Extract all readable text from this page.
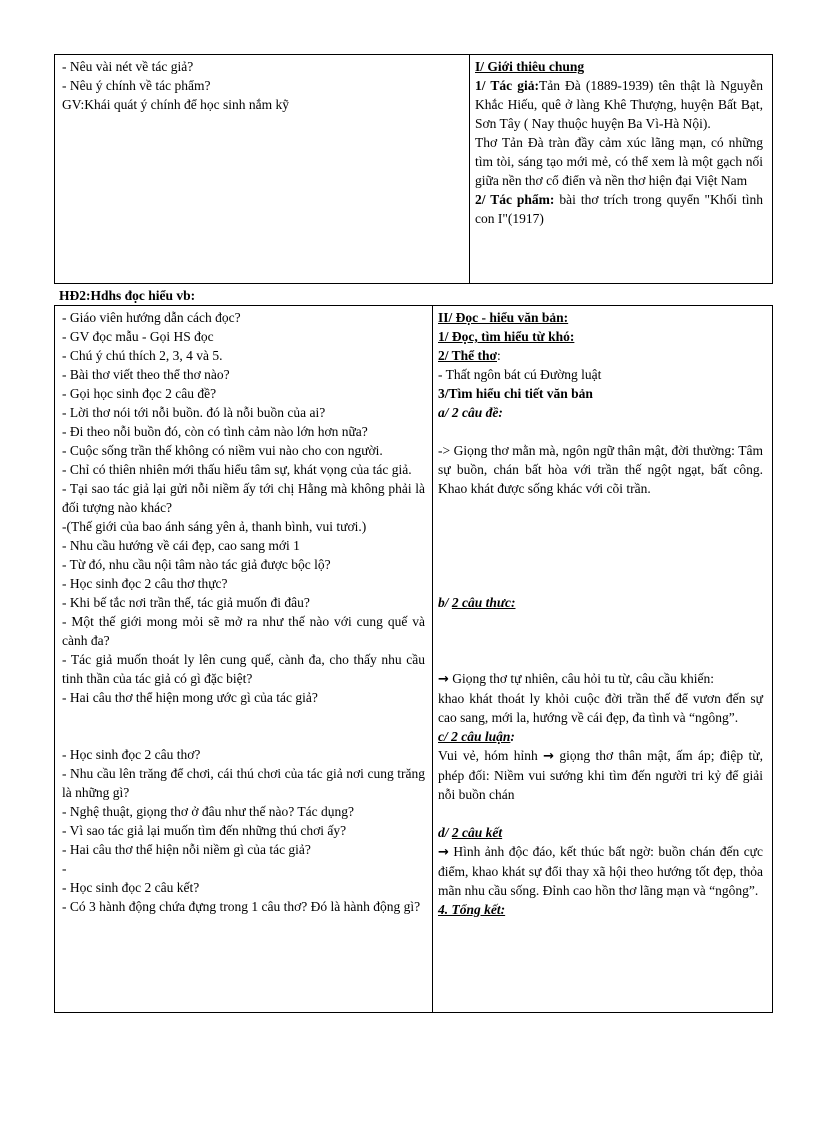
- Nêu vài nét về tác giả?

- Nêu ý chính về tác phẩm?

GV:Khái quát ý chính để học sinh nắm kỹ

I/ Giới thiêu chung

1/ Tác giả:Tản Đà (1889-1939) tên thật là Nguyễn Khắc Hiếu, quê ở làng Khê Thượng, huyện Bất Bạt, Sơn Tây ( Nay thuộc huyện Ba Vì-Hà Nội).

Thơ Tản Đà tràn đầy cảm xúc lãng mạn, có những tìm tòi, sáng tạo mới mẻ, có thể xem là một gạch nối giữa nền thơ cổ điển và nền thơ hiện đại Việt Nam

2/ Tác phẩm: bài thơ trích trong quyển "Khối tình con I"(1917)

HĐ2:Hdhs đọc hiểu vb:

- Giáo viên hướng dẫn cách đọc?

- GV đọc mẫu - Gọi HS đọc

- Chú ý chú thích 2, 3, 4 và 5.

- Bài thơ viết theo thể thơ nào?

- Gọi học sinh đọc 2 câu đề?

- Lời thơ nói tới nỗi buồn. đó là nỗi buồn của ai?

- Đi theo nỗi buồn đó, còn có tình cảm nào lớn hơn nữa?

- Cuộc sống trần thế không có niềm vui nào cho con người.

- Chỉ có thiên nhiên mới thấu hiểu tâm sự, khát vọng của tác giả.

- Tại sao tác giả lại gửi nỗi niềm ấy tới chị Hằng mà không phải là đối tượng nào khác?

-(Thế giới của bao ánh sáng yên ả, thanh bình, vui tươi.)

- Nhu cầu hướng về cái đẹp, cao sang mới 1

- Từ đó, nhu cầu nội tâm nào tác giả được bộc lộ?

- Học sinh đọc 2 câu thơ thực?

- Khi bế tắc nơi trần thế, tác giả muốn đi đâu?

- Một thế giới mong mỏi sẽ mở ra như thế nào với cung quế và cành đa?

- Tác giả muốn thoát ly lên cung quế, cành đa, cho thấy nhu cầu tinh thần của tác giả có gì đặc biệt?

- Hai câu thơ thể hiện mong ước gì của tác giả?

- Học sinh đọc 2 câu thơ?

- Nhu cầu lên trăng để chơi, cái thú chơi của tác giả nơi cung trăng là những gì?

- Nghệ thuật, giọng thơ ở đâu như thế nào? Tác dụng?

- Vì sao tác giả lại muốn tìm đến những thú chơi ấy?

- Hai câu thơ thể hiện nỗi niềm gì của tác giả?

-

- Học sinh đọc 2 câu kết?

- Có 3 hành động chứa đựng trong 1 câu thơ? Đó là hành động gì?

II/ Đọc - hiểu văn bản:

1/ Đọc, tìm hiểu từ khó:

2/ Thể thơ:

- Thất ngôn bát cú Đường luật

3/Tìm hiểu chi tiết văn bản

a/ 2 câu đề:

-> Giọng thơ mằn mà, ngôn ngữ thân mật, đời thường: Tâm sự buồn, chán bất hòa với trần thế ngột ngạt, bất công. Khao khát được sống khác với cõi trần.

b/ 2 câu thưc:

→ Giọng thơ tự nhiên, câu hỏi tu từ, câu cầu khiến:

khao khát thoát ly khỏi cuộc đời trần thế để vươn đến sự cao sang, mới la, hướng về cái đẹp, đa tình và “ngông”.

c/ 2 câu luận:

Vui vẻ, hóm hỉnh → giọng thơ thân mật, ấm áp; điệp từ, phép đối: Niềm vui sướng khi tìm đến người tri kỷ để giải nỗi buồn chán

d/ 2 câu kết

→ Hình ảnh độc đáo, kết thúc bất ngờ: buồn chán đến cực điểm, khao khát sự đổi thay xã hội theo hướng tốt đẹp, thỏa mãn nhu cầu sống. Đỉnh cao hồn thơ lãng mạn và “ngông”.

4. Tổng kết:
